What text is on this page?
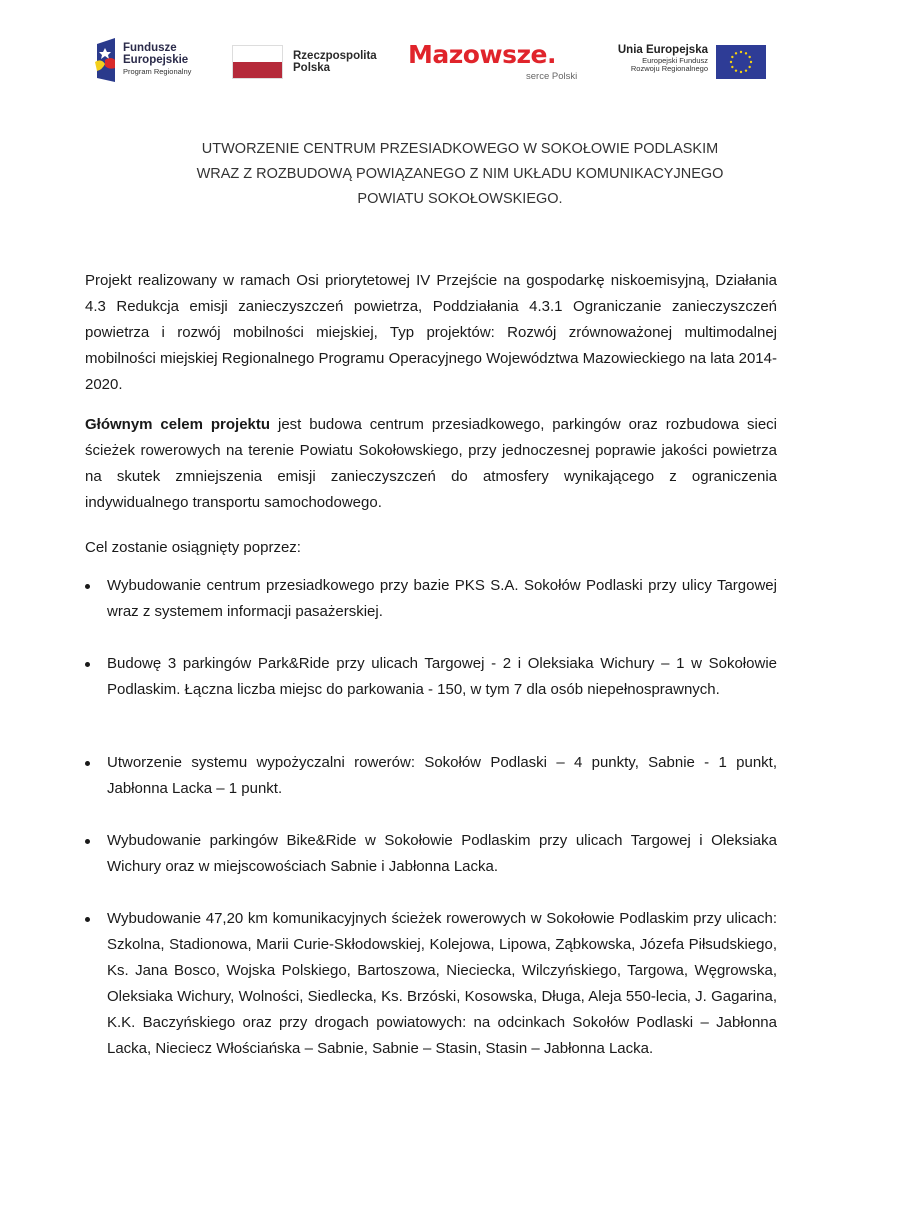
Fundusze
Europejskie
Program Regionalny
Rzeczpospolita
Polska	Mazowsze.
serce Polski
Unia Europejska
Europejski Fundusz
Rozwoju Regionalnego
UTWORZENIE CENTRUM PRZESIADKOWEGO W SOKOŁOWIE PODLASKIM
WRAZ Z ROZBUDOWĄ POWIĄZANEGO Z NIM UKŁADU KOMUNIKACYJNEGO
POWIATU SOKOŁOWSKIEGO.

Projekt realizowany w ramach Osi priorytetowej IV Przejście na gospodarkę niskoemisyjną, Działania 4.3 Redukcja emisji zanieczyszczeń powietrza, Poddziałania 4.3.1 Ograniczanie zanieczyszczeń powietrza i rozwój mobilności miejskiej, Typ projektów: Rozwój zrównoważonej multimodalnej mobilności miejskiej Regionalnego Programu Operacyjnego Województwa Mazowieckiego na lata 2014-2020.

Głównym celem projektu jest budowa centrum przesiadkowego, parkingów oraz rozbudowa sieci ścieżek rowerowych na terenie Powiatu Sokołowskiego, przy jednoczesnej poprawie jakości powietrza na skutek zmniejszenia emisji zanieczyszczeń do atmosfery wynikającego z ograniczenia indywidualnego transportu samochodowego.

Cel zostanie osiągnięty poprzez:

Wybudowanie centrum przesiadkowego przy bazie PKS S.A. Sokołów Podlaski przy ulicy Targowej wraz z systemem informacji pasażerskiej.
Budowę 3 parkingów Park&Ride przy ulicach Targowej - 2 i Oleksiaka Wichury – 1 w Sokołowie Podlaskim. Łączna liczba miejsc do parkowania - 150, w tym 7 dla osób niepełnosprawnych.
Utworzenie systemu wypożyczalni rowerów: Sokołów Podlaski – 4 punkty, Sabnie - 1 punkt, Jabłonna Lacka – 1 punkt.
Wybudowanie parkingów Bike&Ride w Sokołowie Podlaskim przy ulicach Targowej i Oleksiaka Wichury oraz w miejscowościach Sabnie i Jabłonna Lacka.
Wybudowanie 47,20 km komunikacyjnych ścieżek rowerowych w Sokołowie Podlaskim przy ulicach: Szkolna, Stadionowa, Marii Curie-Skłodowskiej, Kolejowa, Lipowa, Ząbkowska, Józefa Piłsudskiego, Ks. Jana Bosco, Wojska Polskiego, Bartoszowa, Nieciecka, Wilczyńskiego, Targowa, Węgrowska, Oleksiaka Wichury, Wolności, Siedlecka, Ks. Brzóski, Kosowska, Długa, Aleja 550-lecia, J. Gagarina, K.K. Baczyńskiego oraz przy drogach powiatowych: na odcinkach Sokołów Podlaski – Jabłonna Lacka, Nieciecz Włościańska – Sabnie, Sabnie – Stasin, Stasin – Jabłonna Lacka.
